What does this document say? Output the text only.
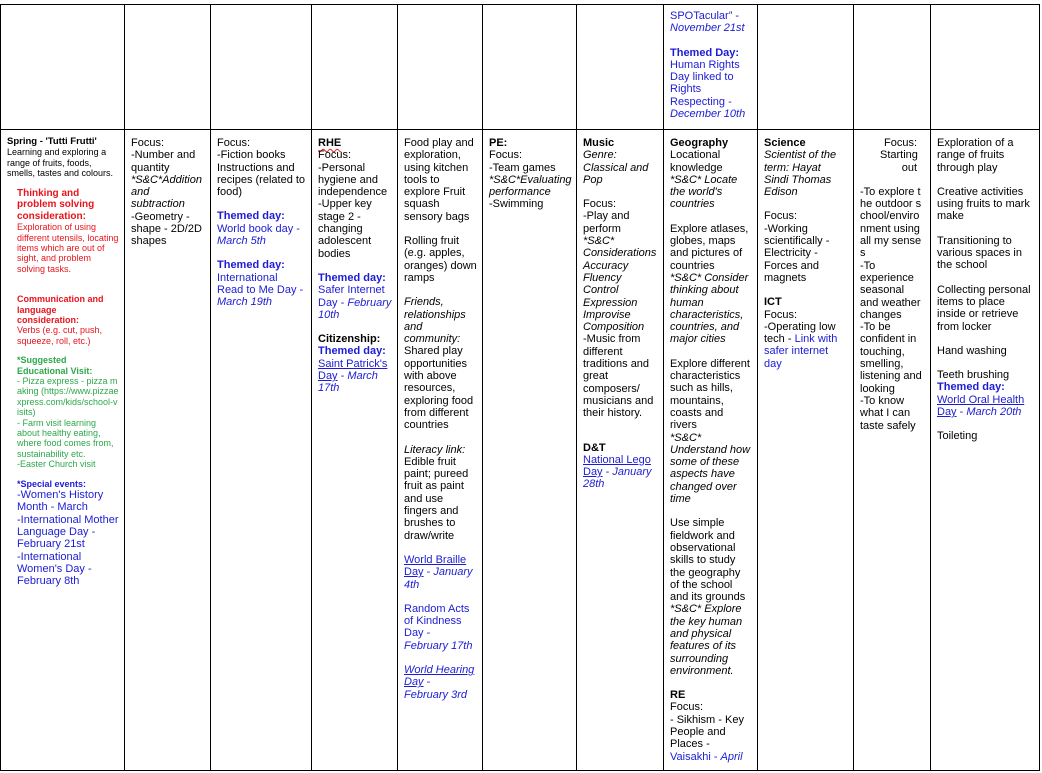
SPOTacular” -
November 21st
Themed Day:
Human Rights Day linked to Rights Respecting -
December 10th
Spring - 'Tutti Frutti'
Learning and exploring a range of fruits, foods, smells, tastes and colours.
Thinking and problem solving consideration:
Exploration of using different utensils, locating items which are out of sight, and problem solving tasks.
Communication and language consideration:
Verbs (e.g. cut, push, squeeze, roll, etc.)
*Suggested Educational Visit:
- Pizza express - pizza making (https://www.pizzaexpress.com/kids/school-visits)
- Farm visit learning about healthy eating, where food comes from, sustainability etc.
-Easter Church visit
*Special events:
-Women's History Month - March
-International Mother Language Day - February 21st
-International Women's Day - February 8th
Focus:
-Number and quantity
*S&C*Addition and subtraction
-Geometry - shape - 2D/2D shapes
Focus:
-Fiction books Instructions and recipes (related to food)
Themed day:
World book day -
March 5th
Themed day:
International Read to Me Day -
March 19th
RHE
Focus:
-Personal hygiene and independence
-Upper key stage 2 - changing adolescent bodies
Themed day:
Safer Internet Day - February 10th
Citizenship:
Themed day:
Saint Patrick's Day - March 17th
Food play and exploration, using kitchen tools to explore Fruit squash sensory bags
Rolling fruit (e.g. apples, oranges) down ramps
Friends, relationships and community:
Shared play opportunities with above resources, exploring food from different countries
Literacy link:
Edible fruit paint; pureed fruit as paint and use fingers and brushes to draw/write
World Braille Day - January 4th
Random Acts of Kindness Day -
February 17th
World Hearing Day -
February 3rd
PE:
Focus:
-Team games
*S&C*Evaluating performance
-Swimming
Music
Genre: Classical and Pop
Focus:
-Play and perform
*S&C* Considerations Accuracy Fluency Control Expression Improvise Composition
-Music from different traditions and great composers/ musicians and their history.
D&T
National Lego Day - January 28th
Geography
Locational knowledge
*S&C* Locate the world's countries
Explore atlases, globes, maps and pictures of countries
*S&C* Consider thinking about human characteristics, countries, and major cities
Explore different characteristics such as hills, mountains, coasts and rivers
*S&C* Understand how some of these aspects have changed over time
Use simple fieldwork and observational skills to study the geography of the school and its grounds
*S&C* Explore the key human and physical features of its surrounding environment.
RE
Focus:
- Sikhism - Key People and Places -
Vaisakhi - April
Science
Scientist of the term: Hayat Sindi Thomas Edison
Focus:
-Working scientifically -Electricity -Forces and magnets
ICT
Focus:
-Operating low tech - Link with safer internet day
Focus: Starting out
-To explore the outdoor school/environment using all my senses
-To experience seasonal and weather changes
-To be confident in touching, smelling, listening and looking
-To know what I can taste safely
Exploration of a range of fruits through play
Creative activities using fruits to mark make
Transitioning to various spaces in the school
Collecting personal items to place inside or retrieve from locker
Hand washing
Teeth brushing
Themed day:
World Oral Health Day - March 20th
Toileting
